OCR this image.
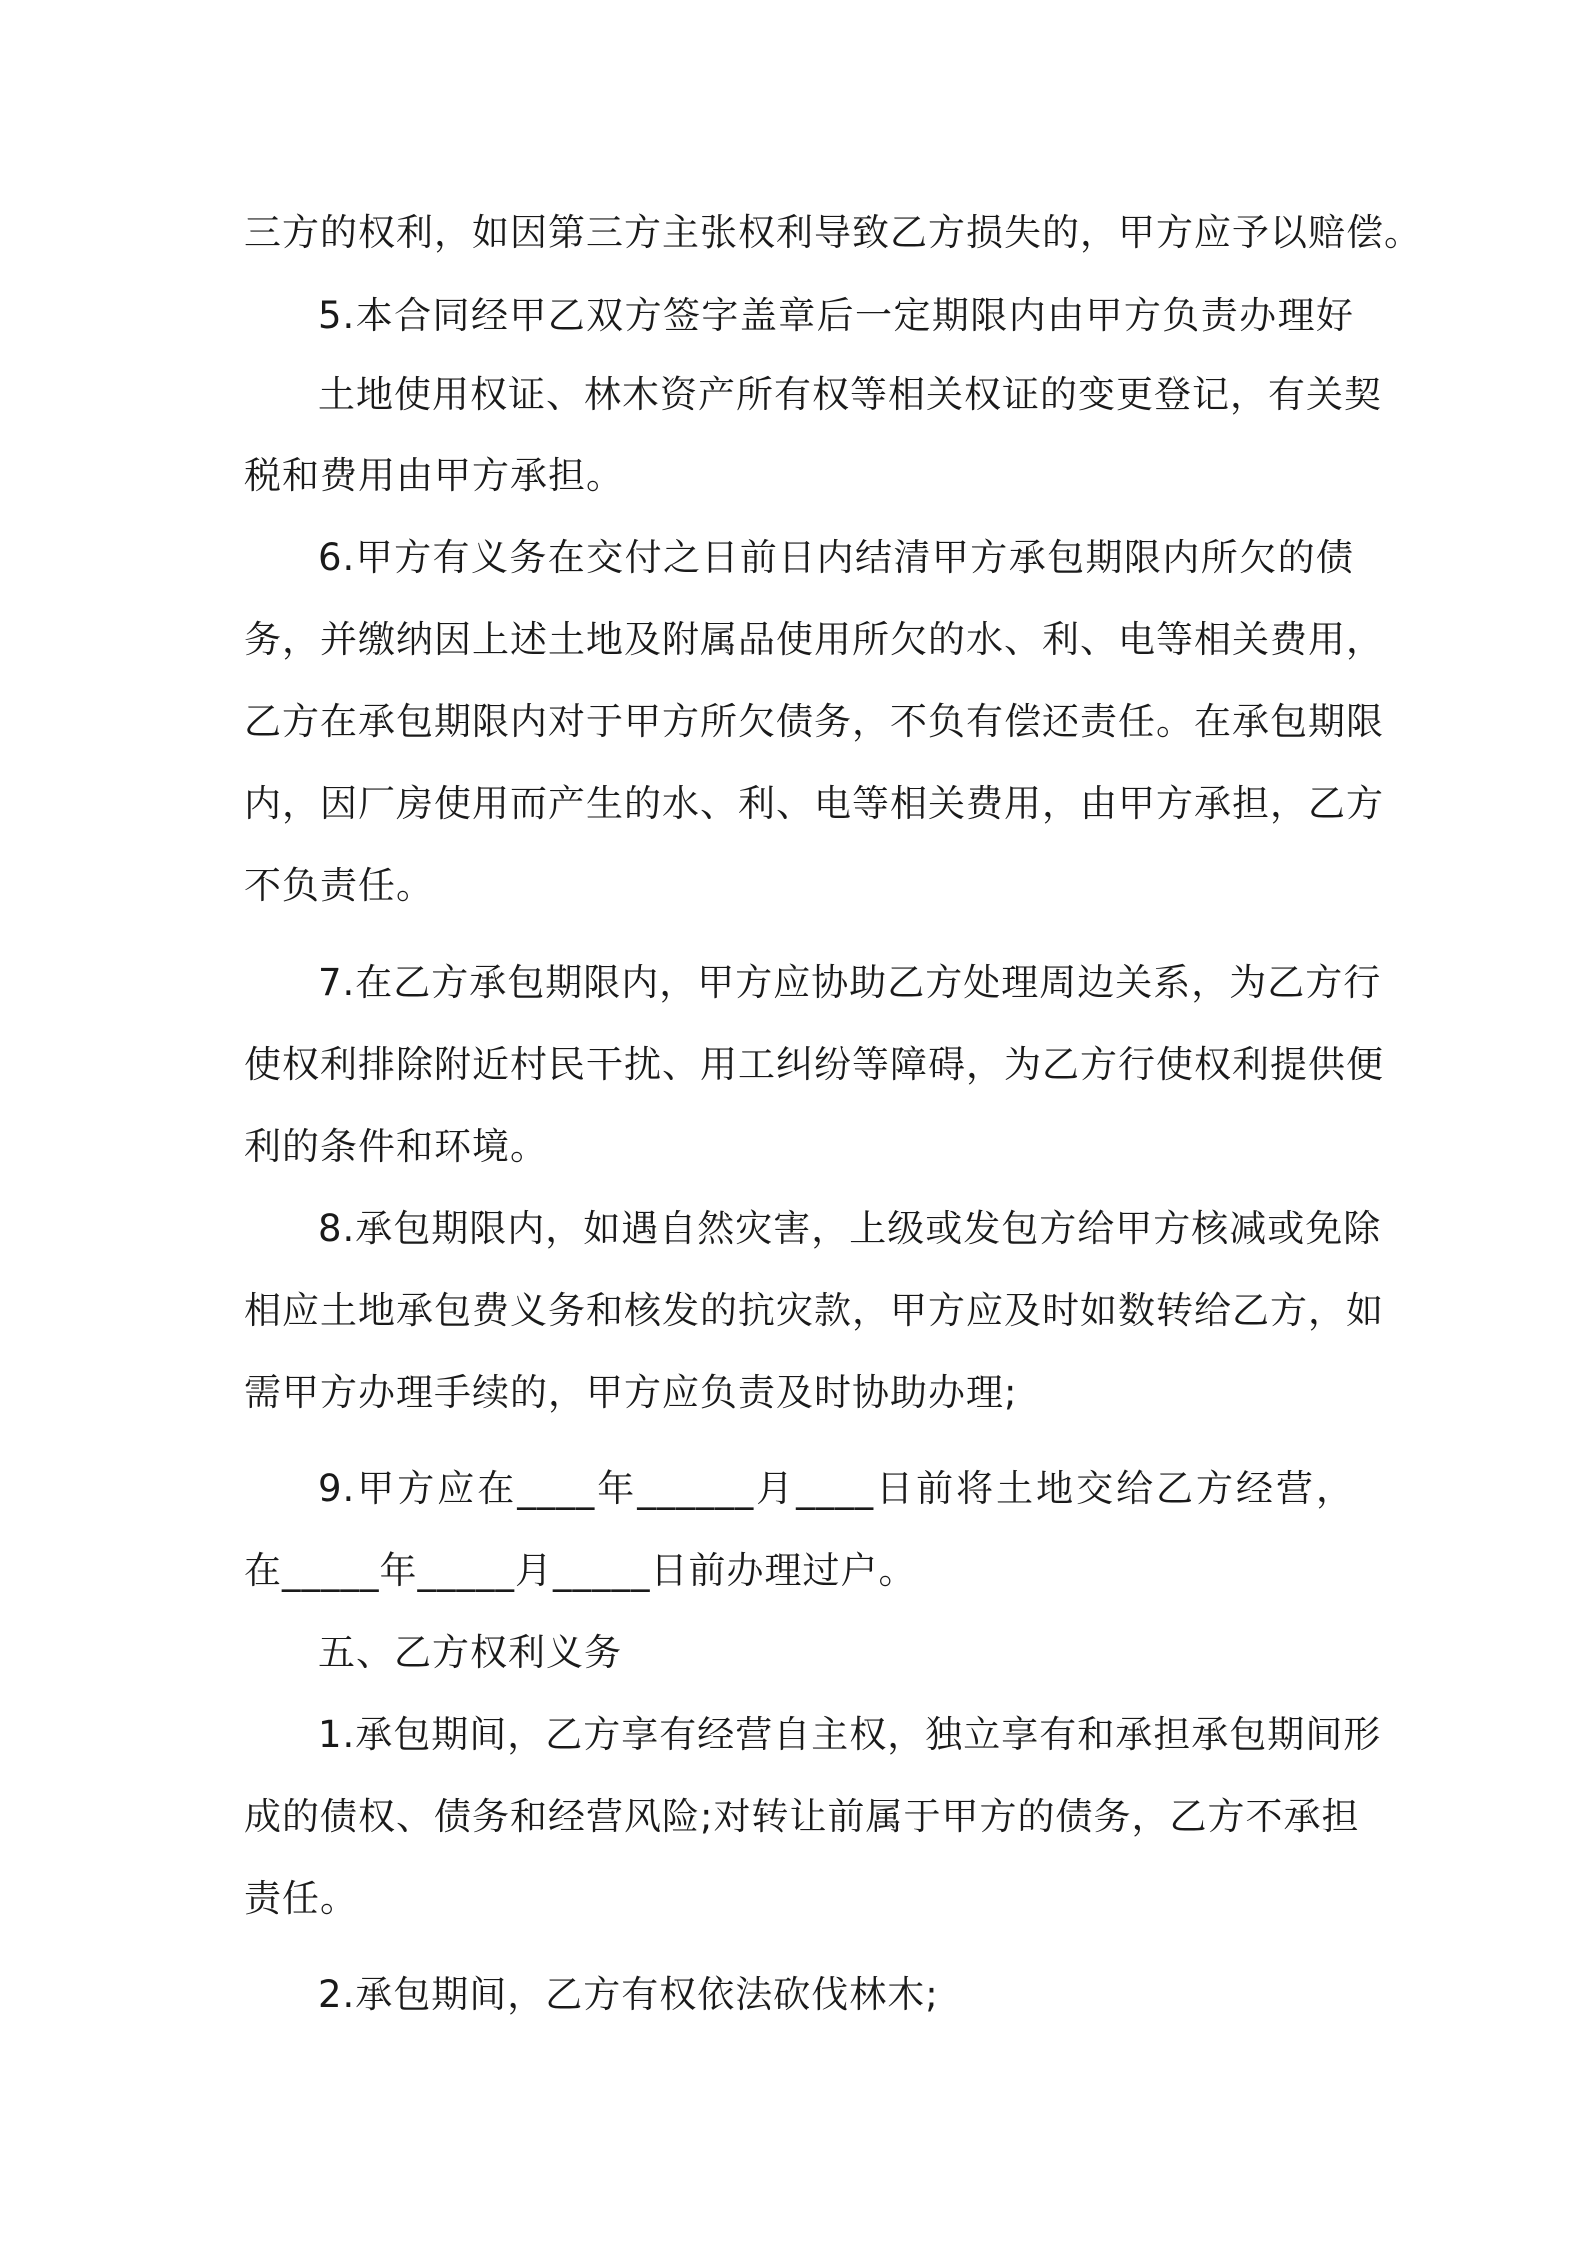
三方的权利，如因第三方主张权利导致乙方损失的，甲方应予以赔偿。
5.本合同经甲乙双方签字盖章后一定期限内由甲方负责办理好
土地使用权证、林木资产所有权等相关权证的变更登记，有关契
税和费用由甲方承担。
6.甲方有义务在交付之日前日内结清甲方承包期限内所欠的债
务，并缴纳因上述土地及附属品使用所欠的水、利、电等相关费用，
乙方在承包期限内对于甲方所欠债务，不负有偿还责任。在承包期限
内，因厂房使用而产生的水、利、电等相关费用，由甲方承担，乙方
不负责任。
7.在乙方承包期限内，甲方应协助乙方处理周边关系，为乙方行
使权利排除附近村民干扰、用工纠纷等障碍，为乙方行使权利提供便
利的条件和环境。
8.承包期限内，如遇自然灾害，上级或发包方给甲方核减或免除
相应土地承包费义务和核发的抗灾款，甲方应及时如数转给乙方，如
需甲方办理手续的，甲方应负责及时协助办理;
9.甲方应在____年______月____日前将土地交给乙方经营，
在_____年_____月_____日前办理过户。
五、乙方权利义务
1.承包期间，乙方享有经营自主权，独立享有和承担承包期间形
成的债权、债务和经营风险;对转让前属于甲方的债务，乙方不承担
责任。
2.承包期间，乙方有权依法砍伐林木;
